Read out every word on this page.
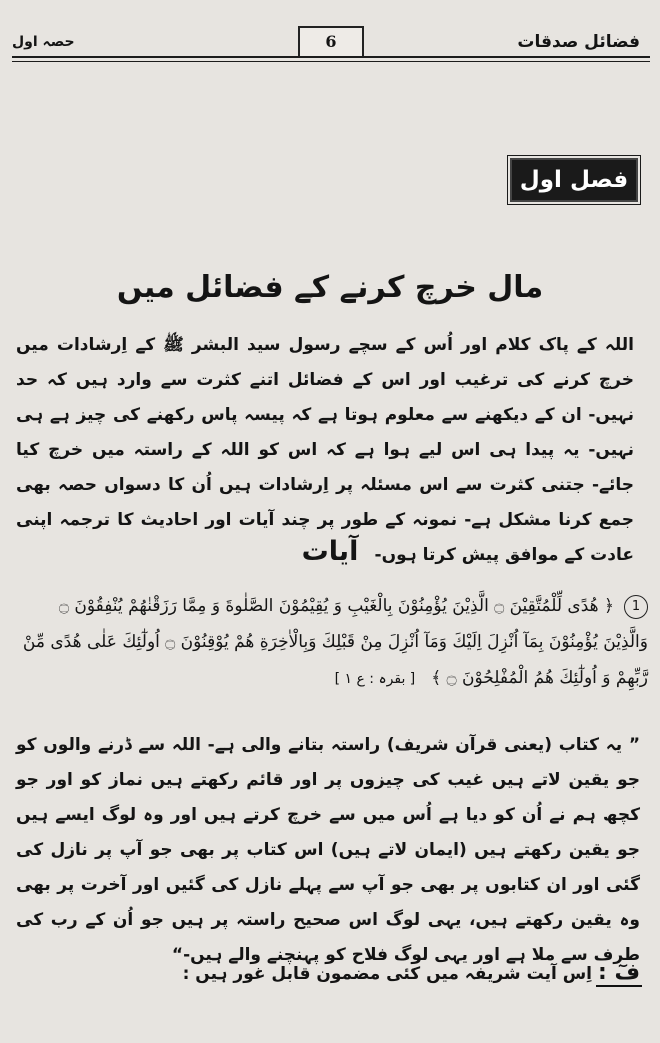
فضائل صدقات
6
حصہ اول
فصل اول
مال خرچ کرنے کے فضائل میں
اللہ کے پاک کلام اور اُس کے سچے رسول سید البشر ﷺ کے اِرشادات میں خرچ کرنے کی ترغیب اور اس کے فضائل اتنے کثرت سے وارد ہیں کہ حد نہیں- ان کے دیکھنے سے معلوم ہوتا ہے کہ پیسہ پاس رکھنے کی چیز ہے ہی نہیں- یہ پیدا ہی اس لیے ہوا ہے کہ اس کو اللہ کے راستہ میں خرچ کیا جائے- جتنی کثرت سے اس مسئلہ پر اِرشادات ہیں اُن کا دسواں حصہ بھی جمع کرنا مشکل ہے- نمونہ کے طور پر چند آیات اور احادیث کا ترجمہ اپنی عادت کے موافق پیش کرتا ہوں-
آیات
1﴿ هُدًى لِّلْمُتَّقِيْنَ ۝ الَّذِيْنَ يُؤْمِنُوْنَ بِالْغَيْبِ وَ يُقِيْمُوْنَ الصَّلٰوةَ وَ مِمَّا رَزَقْنٰهُمْ يُنْفِقُوْنَ ۝ وَالَّذِيْنَ يُؤْمِنُوْنَ بِمَآ اُنْزِلَ اِلَيْكَ وَمَآ اُنْزِلَ مِنْ قَبْلِكَ وَبِالْاٰخِرَةِ هُمْ يُوْقِنُوْنَ ۝ اُولٰٓئِكَ عَلٰى هُدًى مِّنْ رَّبِّهِمْ وَ اُولٰٓئِكَ هُمُ الْمُفْلِحُوْنَ ۝ ﴾[ بقرہ : ع ١ ]
” یہ کتاب (یعنی قرآن شریف) راستہ بتانے والی ہے- اللہ سے ڈرنے والوں کو جو یقین لاتے ہیں غیب کی چیزوں پر اور قائم رکھتے ہیں نماز کو اور جو کچھ ہم نے اُن کو دیا ہے اُس میں سے خرچ کرتے ہیں اور وہ لوگ ایسے ہیں جو یقین رکھتے ہیں (ایمان لاتے ہیں) اس کتاب پر بھی جو آپ پر نازل کی گئی اور ان کتابوں پر بھی جو آپ سے پہلے نازل کی گئیں اور آخرت پر بھی وہ یقین رکھتے ہیں، یہی لوگ اس صحیح راستہ پر ہیں جو اُن کے رب کی طرف سے ملا ہے اور یہی لوگ فلاح کو پہنچنے والے ہیں-“
فٓ :اِس آیت شریفہ میں کئی مضمون قابل غور ہیں :
